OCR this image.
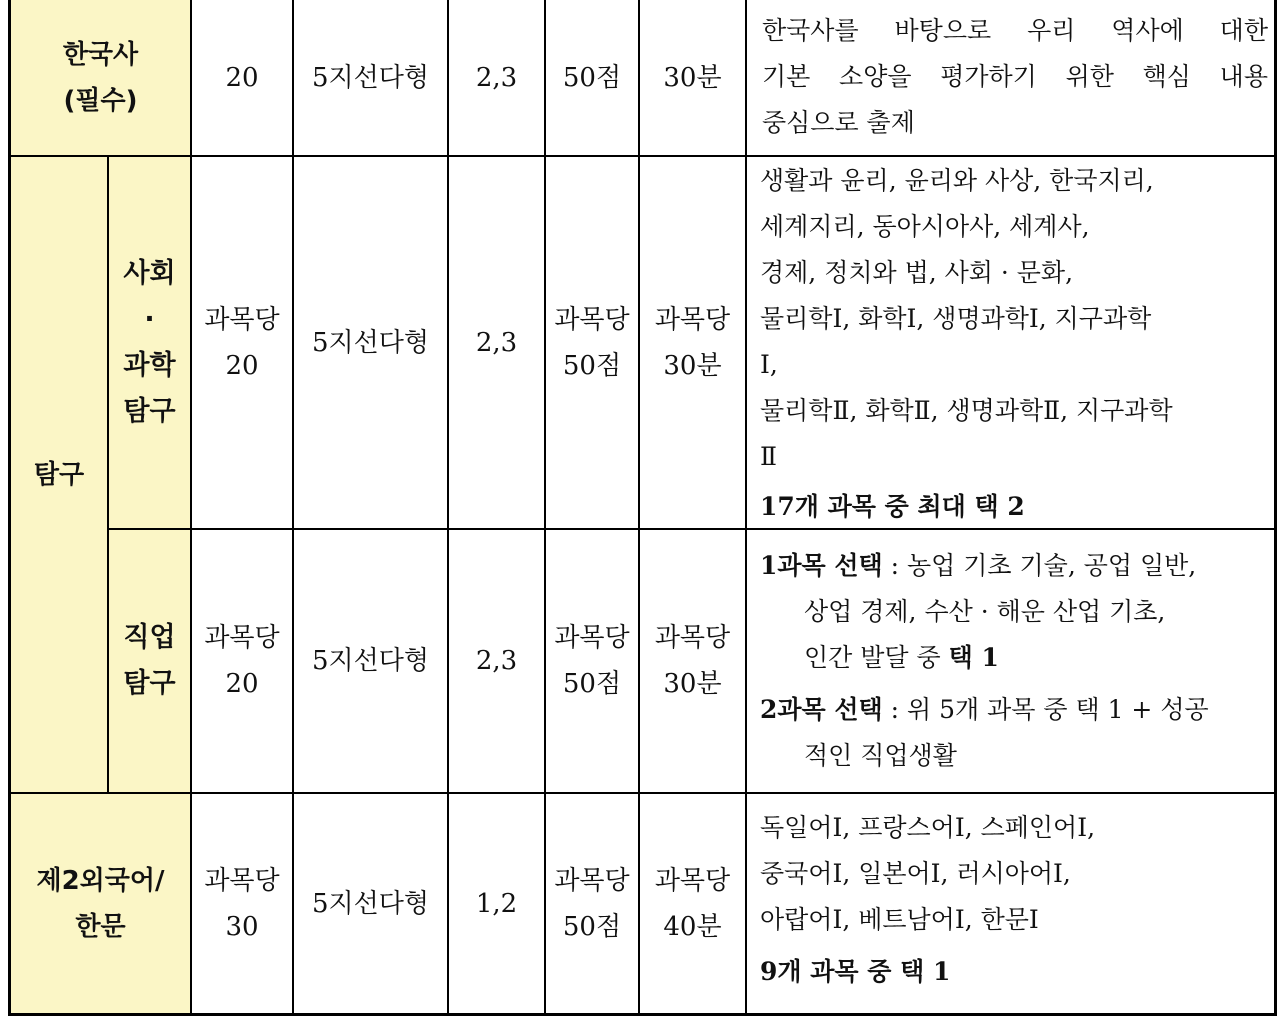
한국사
(필수)
탐구
사회
·
과학
탐구
직업
탐구
제2외국어/
한문
20 5지선다형 2,3 50점 30분
한국사를 바탕으로 우리 역사에 대한
기본 소양을 평가하기 위한 핵심 내용
중심으로 출제
과목당
20
5지선다형 2,3
과목당
50점
과목당
30분
생활과 윤리, 윤리와 사상, 한국지리,
세계지리, 동아시아사, 세계사,
경제, 정치와 법, 사회 · 문화,
물리학Ⅰ, 화학Ⅰ, 생명과학Ⅰ, 지구과학
Ⅰ,
물리학Ⅱ, 화학Ⅱ, 생명과학Ⅱ, 지구과학
Ⅱ
17개 과목 중 최대 택 2
과목당
20
5지선다형 2,3
과목당
50점
과목당
30분
1과목 선택 : 농업 기초 기술, 공업 일반,
상업 경제, 수산 · 해운 산업 기초,
인간 발달 중 택 1
2과목 선택 : 위 5개 과목 중 택 1 + 성공
적인 직업생활
과목당
30
5지선다형 1,2
과목당
50점
과목당
40분
독일어Ⅰ, 프랑스어Ⅰ, 스페인어Ⅰ,
중국어Ⅰ, 일본어Ⅰ, 러시아어Ⅰ,
아랍어Ⅰ, 베트남어Ⅰ, 한문Ⅰ
9개 과목 중 택 1
